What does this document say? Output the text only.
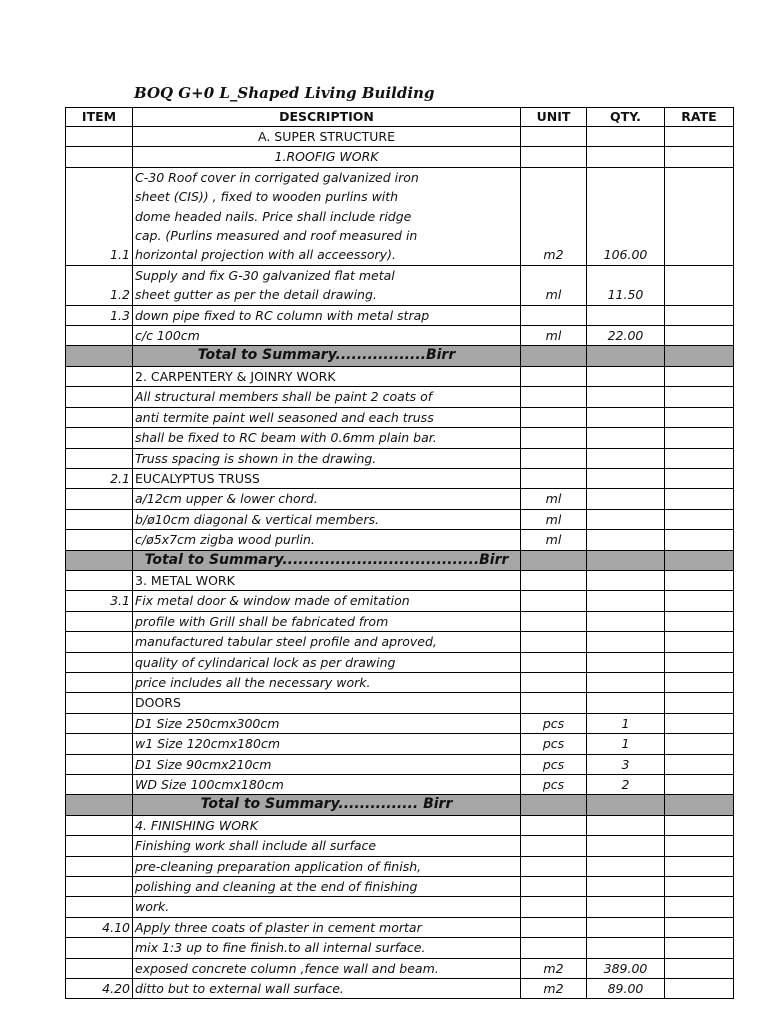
BOQ G+0 L_Shaped Living Building
ITEM	DESCRIPTION	UNIT	QTY.	RATE
	A. SUPER STRUCTURE			
	1.ROOFIG WORK			
1.1	C-30 Roof cover in corrigated galvanized iron
sheet (CIS)) , fixed to wooden purlins with
dome headed nails. Price shall include ridge
cap. (Purlins measured and roof measured in
horizontal projection with all acceessory).	m2	106.00	
1.2	Supply and fix G-30 galvanized flat metal
sheet gutter as per the detail drawing.	ml	11.50	
1.3	down pipe fixed to RC column with metal strap			
	c/c 100cm	ml	22.00	
	Total to Summary.................Birr			
	2. CARPENTERY & JOINRY WORK			
	All structural members shall be paint 2 coats of			
	anti termite paint well seasoned and each truss			
	shall be fixed to RC beam with 0.6mm plain bar.			
	Truss spacing is shown in the drawing.			
2.1	EUCALYPTUS TRUSS			
	a/12cm upper & lower chord.	ml		
	b/ø10cm diagonal & vertical members.	ml		
	c/ø5x7cm zigba wood purlin.	ml		
	Total to Summary.....................................Birr			
	3. METAL WORK			
3.1	Fix metal door & window made of emitation			
	profile with Grill shall be fabricated from			
	manufactured tabular steel profile and aproved,			
	quality of cylindarical lock as per drawing			
	price includes all the necessary work.			
	DOORS			
	D1 Size 250cmx300cm	pcs	1	
	w1 Size 120cmx180cm	pcs	1	
	D1 Size 90cmx210cm	pcs	3	
	WD Size 100cmx180cm	pcs	2	
	Total to Summary............... Birr			
	4. FINISHING WORK			
	Finishing work shall include all surface			
	pre-cleaning preparation application of finish,			
	polishing and cleaning at the end of finishing			
	work.			
4.10	Apply three coats of plaster in cement mortar			
	mix 1:3 up to fine finish.to all internal surface.			
	exposed concrete column ,fence wall and beam.	m2	389.00	
4.20	ditto but to external wall surface.	m2	89.00	
